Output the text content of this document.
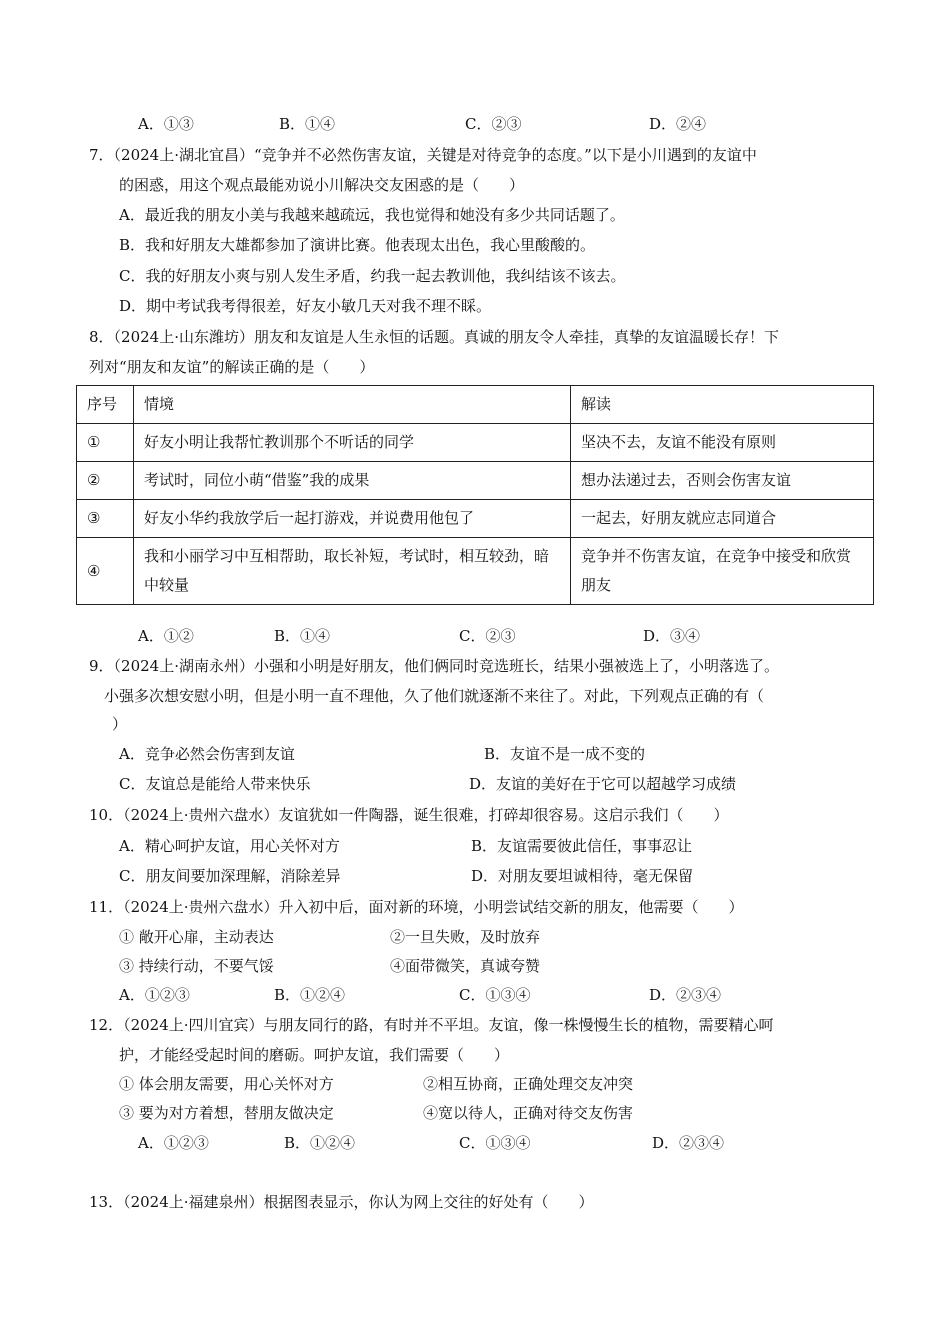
A．①③	B．①④	C．②③	D．②④
7．（2024上·湖北宜昌）“竞争并不必然伤害友谊，关键是对待竞争的态度。”以下是小川遇到的友谊中
的困惑，用这个观点最能劝说小川解决交友困惑的是（　　）
A．最近我的朋友小美与我越来越疏远，我也觉得和她没有多少共同话题了。
B．我和好朋友大雄都参加了演讲比赛。他表现太出色，我心里酸酸的。
C．我的好朋友小爽与别人发生矛盾，约我一起去教训他，我纠结该不该去。
D．期中考试我考得很差，好友小敏几天对我不理不睬。
8．（2024上·山东潍坊）朋友和友谊是人生永恒的话题。真诚的朋友令人牵挂，真挚的友谊温暖长存！下
列对“朋友和友谊”的解读正确的是（　　）
序号	情境	解读
①	好友小明让我帮忙教训那个不听话的同学	坚决不去，友谊不能没有原则
②	考试时，同位小萌“借鉴”我的成果	想办法递过去，否则会伤害友谊
③	好友小华约我放学后一起打游戏，并说费用他包了	一起去，好朋友就应志同道合
④	我和小丽学习中互相帮助，取长补短，考试时，相互较劲，暗中较量	竞争并不伤害友谊，在竞争中接受和欣赏朋友
A．①②	B．①④	C．②③	D．③④
9．（2024上·湖南永州）小强和小明是好朋友，他们俩同时竞选班长，结果小强被选上了，小明落选了。
小强多次想安慰小明，但是小明一直不理他，久了他们就逐渐不来往了。对此，下列观点正确的有（
）
A．竞争必然会伤害到友谊	B．友谊不是一成不变的
C．友谊总是能给人带来快乐	D．友谊的美好在于它可以超越学习成绩
10．（2024上·贵州六盘水）友谊犹如一件陶器，诞生很难，打碎却很容易。这启示我们（　　）
A．精心呵护友谊，用心关怀对方	B．友谊需要彼此信任，事事忍让
C．朋友间要加深理解，消除差异	D．对朋友要坦诚相待，毫无保留
11．（2024上·贵州六盘水）升入初中后，面对新的环境，小明尝试结交新的朋友，他需要（　　）
① 敞开心扉，主动表达	②一旦失败，及时放弃
③ 持续行动，不要气馁	④面带微笑，真诚夸赞
A．①②③	B．①②④	C．①③④	D．②③④
12．（2024上·四川宜宾）与朋友同行的路，有时并不平坦。友谊，像一株慢慢生长的植物，需要精心呵
护，才能经受起时间的磨砺。呵护友谊，我们需要（　　）
① 体会朋友需要，用心关怀对方	②相互协商，正确处理交友冲突
③ 要为对方着想，替朋友做决定	④宽以待人，正确对待交友伤害
A．①②③	B．①②④	C．①③④	D．②③④
13．（2024上·福建泉州）根据图表显示，你认为网上交往的好处有（　　）
